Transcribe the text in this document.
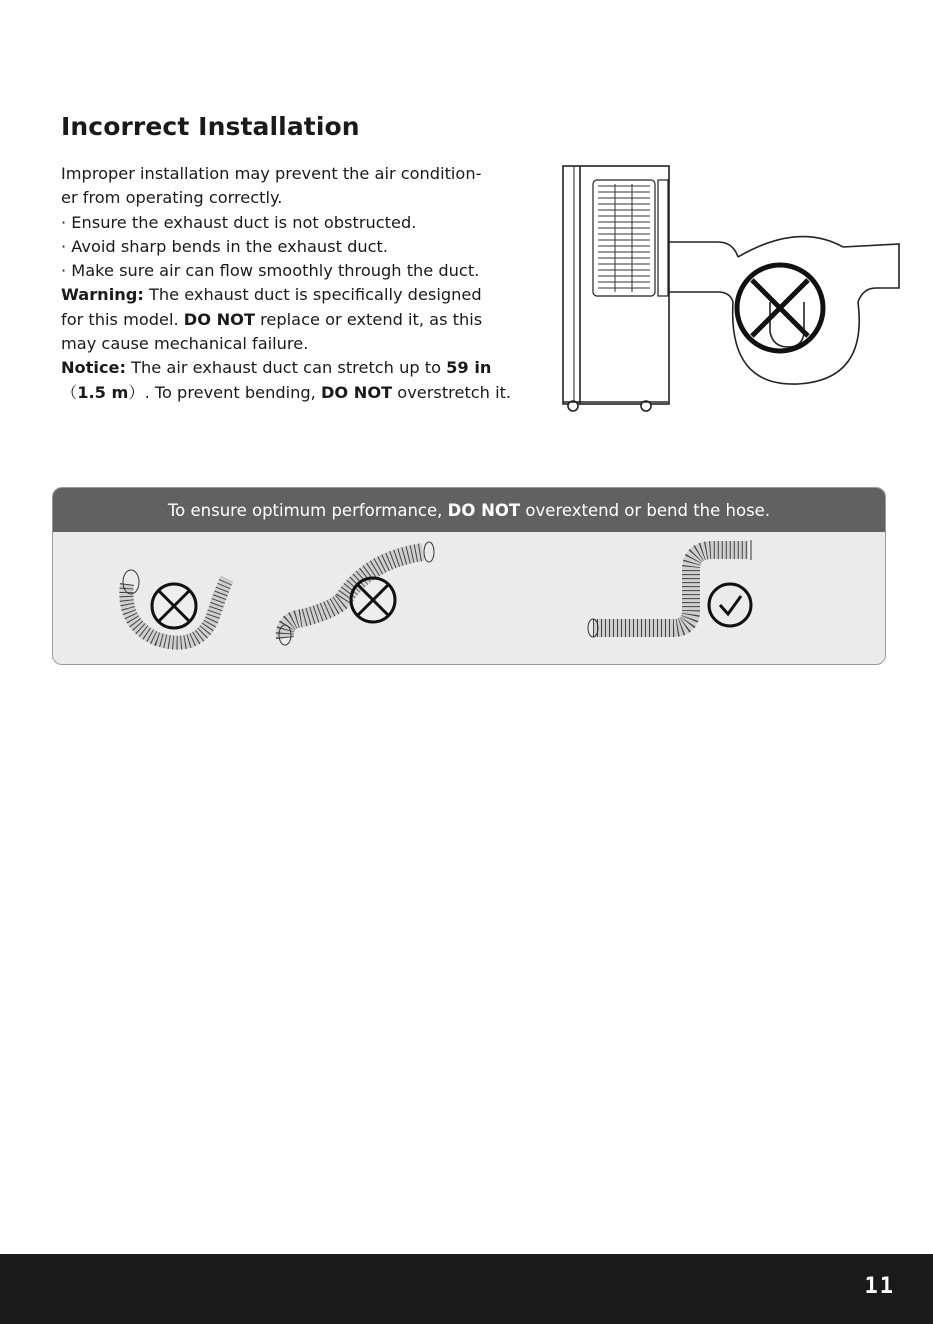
Incorrect Installation

Improper installation may prevent the air condition-

er from operating correctly.

· Ensure the exhaust duct is not obstructed.

· Avoid sharp bends in the exhaust duct.

· Make sure air can flow smoothly through the duct.

Warning: The exhaust duct is specifically designed

for this model. DO NOT replace or extend it, as this

may cause mechanical failure.

Notice: The air exhaust duct can stretch up to 59 in

（1.5 m）. To prevent bending, DO NOT overstretch it.

To ensure optimum performance, DO NOT overextend or bend the hose.
11
